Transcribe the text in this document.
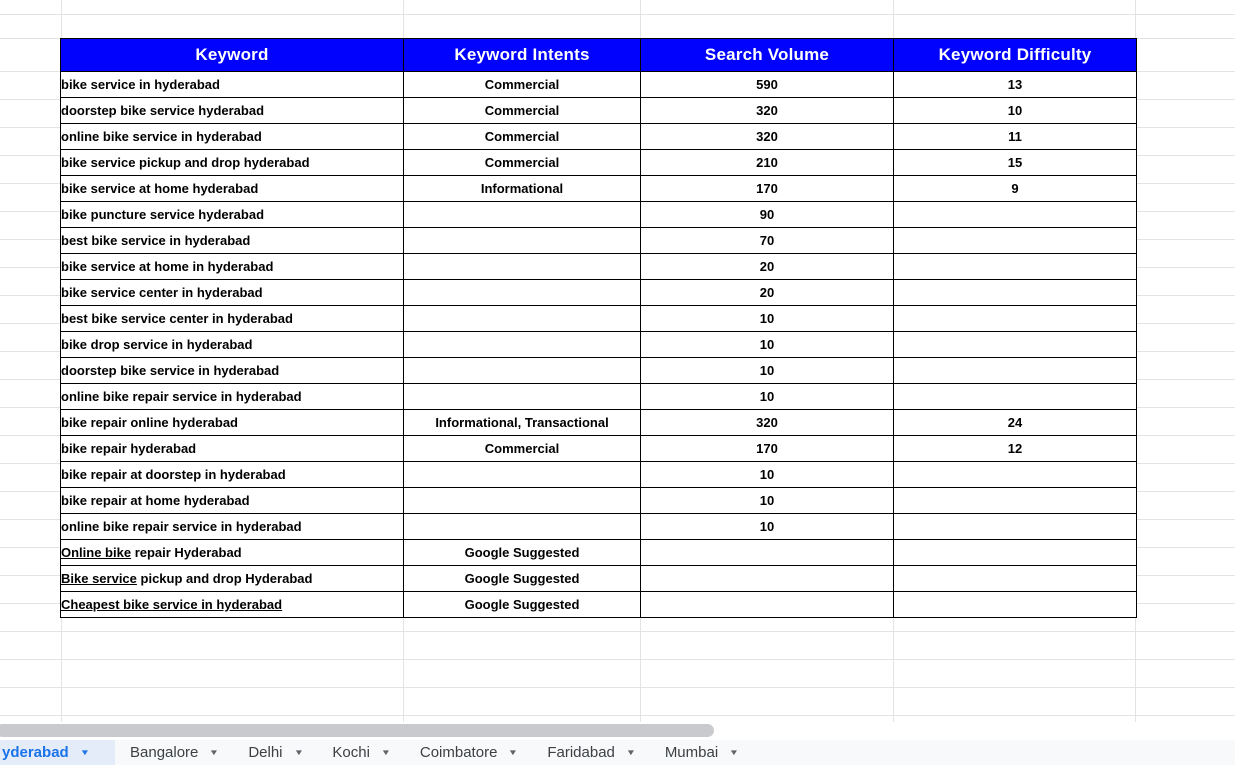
Keyword	Keyword Intents	Search Volume	Keyword Difficulty
bike service in hyderabad	Commercial	590	13
doorstep bike service hyderabad	Commercial	320	10
online bike service in hyderabad	Commercial	320	11
bike service pickup and drop hyderabad	Commercial	210	15
bike service at home hyderabad	Informational	170	9
bike puncture service hyderabad		90	
best bike service in hyderabad		70	
bike service at home in hyderabad		20	
bike service center in hyderabad		20	
best bike service center in hyderabad		10	
bike drop service in hyderabad		10	
doorstep bike service in hyderabad		10	
online bike repair service in hyderabad		10	
bike repair online hyderabad	Informational, Transactional	320	24
bike repair hyderabad	Commercial	170	12
bike repair at doorstep in hyderabad		10	
bike repair at home hyderabad		10	
online bike repair service in hyderabad		10	
Online bike repair Hyderabad	Google Suggested		
Bike service pickup and drop Hyderabad	Google Suggested		
Cheapest bike service in hyderabad	Google Suggested		
yderabad ▼	Bangalore ▼ Delhi ▼ Kochi ▼ Coimbatore ▼ Faridabad ▼ Mumbai ▼
